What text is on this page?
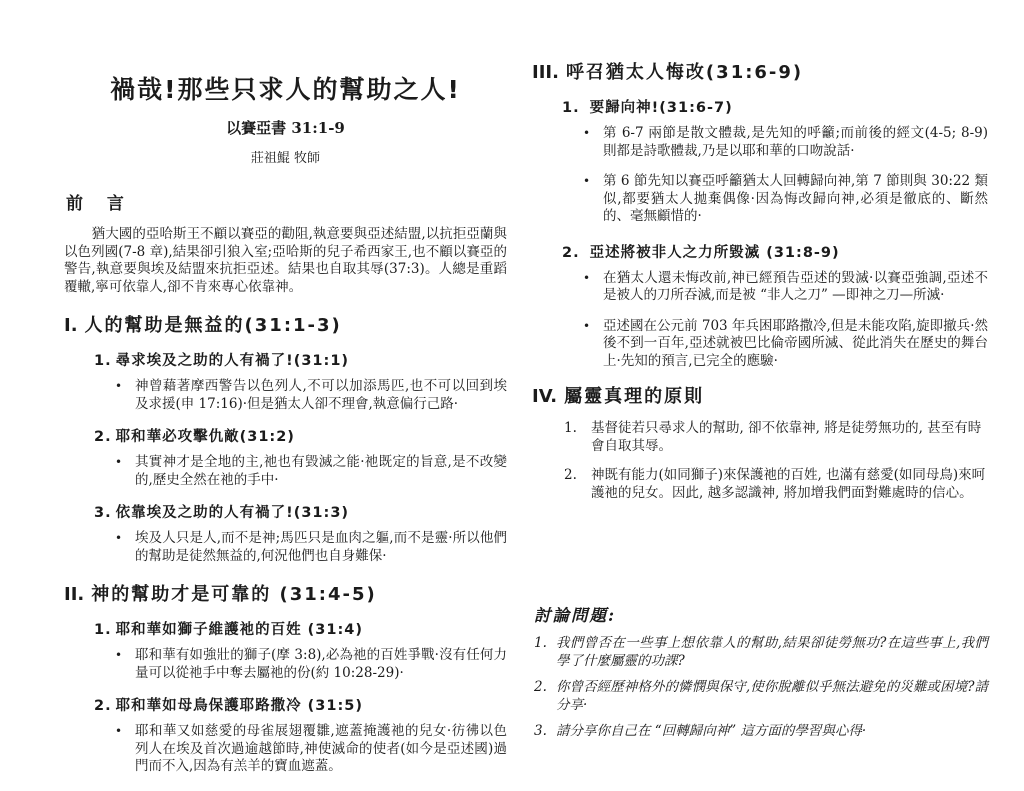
禍哉!那些只求人的幫助之人!
以賽亞書 31:1-9
莊祖鯤 牧師
前 言

猶大國的亞哈斯王不顧以賽亞的勸阻,執意要與亞述結盟,以抗拒亞蘭與以色列國(7-8 章),結果卻引狼入室;亞哈斯的兒子希西家王,也不顧以賽亞的警告,執意要與埃及結盟來抗拒亞述。結果也自取其辱(37:3)。人總是重蹈覆轍,寧可依靠人,卻不肯來專心依靠神。

I. 人的幫助是無益的(31:1-3)
1. 尋求埃及之助的人有禍了!(31:1)
• 神曾藉著摩西警告以色列人,不可以加添馬匹,也不可以回到埃及求援(申 17:16)·但是猶太人卻不理會,執意偏行己路·
2. 耶和華必攻擊仇敵(31:2)
• 其實神才是全地的主,祂也有毀滅之能·祂既定的旨意,是不改變的,歷史全然在祂的手中·
3. 依靠埃及之助的人有禍了!(31:3)
• 埃及人只是人,而不是神;馬匹只是血肉之軀,而不是靈·所以他們的幫助是徒然無益的,何況他們也自身難保·
II. 神的幫助才是可靠的 (31:4-5)
1. 耶和華如獅子維護祂的百姓 (31:4)
• 耶和華有如強壯的獅子(摩 3:8),必為祂的百姓爭戰·沒有任何力量可以從祂手中奪去屬祂的份(約 10:28-29)·
2. 耶和華如母鳥保護耶路撒冷 (31:5)
• 耶和華又如慈愛的母雀展翅覆雛,遮蓋掩護祂的兒女·彷彿以色列人在埃及首次過逾越節時,神使滅命的使者(如今是亞述國)過門而不入,因為有羔羊的寶血遮蓋。
III. 呼召猶太人悔改(31:6-9)
1. 要歸向神!(31:6-7)
• 第 6-7 兩節是散文體裁,是先知的呼籲;而前後的經文(4-5; 8-9)則都是詩歌體裁,乃是以耶和華的口吻說話·
• 第 6 節先知以賽亞呼籲猶太人回轉歸向神,第 7 節則與 30:22 類似,都要猶太人拋棄偶像·因為悔改歸向神,必須是徹底的、斷然的、毫無顧惜的·
2. 亞述將被非人之力所毀滅 (31:8-9)
• 在猶太人還未悔改前,神已經預告亞述的毀滅·以賽亞強調,亞述不是被人的刀所吞滅,而是被 “非人之刀” —即神之刀—所滅·
• 亞述國在公元前 703 年兵困耶路撒冷,但是未能攻陷,旋即撤兵·然後不到一百年,亞述就被巴比倫帝國所滅、從此消失在歷史的舞台上·先知的預言,已完全的應驗·
IV. 屬靈真理的原則
1.	基督徒若只尋求人的幫助, 卻不依靠神, 將是徒勞無功的, 甚至有時會自取其辱。
2.	神既有能力(如同獅子)來保護祂的百姓, 也滿有慈愛(如同母鳥)來呵護祂的兒女。因此, 越多認識神, 將加增我們面對難處時的信心。
討論問題:
1. 我們曾否在一些事上想依靠人的幫助,結果卻徒勞無功?在這些事上,我們學了什麼屬靈的功課?
2. 你曾否經歷神格外的憐憫與保守,使你脫離似乎無法避免的災難或困境?請分享·
3. 請分享你自己在 “回轉歸向神” 這方面的學習與心得·
